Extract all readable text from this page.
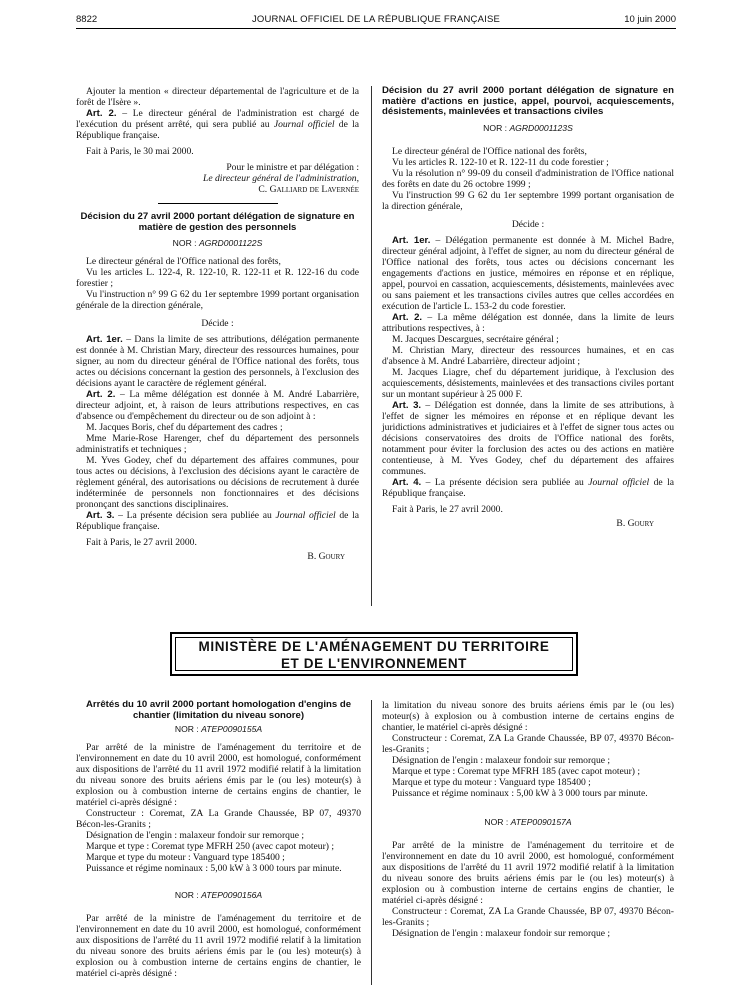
8822	JOURNAL OFFICIEL DE LA RÉPUBLIQUE FRANÇAISE	10 juin 2000

Ajouter la mention « directeur départemental de l'agriculture et de la forêt de l'Isère ».

Art. 2. – Le directeur général de l'administration est chargé de l'exécution du présent arrêté, qui sera publié au Journal officiel de la République française.

Fait à Paris, le 30 mai 2000.

Pour le ministre et par délégation :

Le directeur général de l'administration,

C. Galliard de Lavernée

Décision du 27 avril 2000 portant délégation de signature en matière de gestion des personnels

NOR : AGRD0001122S

Le directeur général de l'Office national des forêts,

Vu les articles L. 122-4, R. 122-10, R. 122-11 et R. 122-16 du code forestier ;

Vu l'instruction n° 99 G 62 du 1er septembre 1999 portant organisation générale de la direction générale,

Décide :

Art. 1er. – Dans la limite de ses attributions, délégation permanente est donnée à M. Christian Mary, directeur des ressources humaines, pour signer, au nom du directeur général de l'Office national des forêts, tous actes ou décisions concernant la gestion des personnels, à l'exclusion des décisions ayant le caractère de réglement général.

Art. 2. – La même délégation est donnée à M. André Labarrière, directeur adjoint, et, à raison de leurs attributions respectives, en cas d'absence ou d'empêchement du directeur ou de son adjoint à :

M. Jacques Boris, chef du département des cadres ;

Mme Marie-Rose Harenger, chef du département des personnels administratifs et techniques ;

M. Yves Godey, chef du département des affaires communes, pour tous actes ou décisions, à l'exclusion des décisions ayant le caractère de règlement général, des autorisations ou décisions de recrutement à durée indéterminée de personnels non fonctionnaires et des décisions prononçant des sanctions disciplinaires.

Art. 3. – La présente décision sera publiée au Journal officiel de la République française.

Fait à Paris, le 27 avril 2000.

B. Goury

Décision du 27 avril 2000 portant délégation de signature en matière d'actions en justice, appel, pourvoi, acquiescements, désistements, mainlevées et transactions civiles

NOR : AGRD0001123S

Le directeur général de l'Office national des forêts,

Vu les articles R. 122-10 et R. 122-11 du code forestier ;

Vu la résolution n° 99-09 du conseil d'administration de l'Office national des forêts en date du 26 octobre 1999 ;

Vu l'instruction 99 G 62 du 1er septembre 1999 portant organisation de la direction générale,

Décide :

Art. 1er. – Délégation permanente est donnée à M. Michel Badre, directeur général adjoint, à l'effet de signer, au nom du directeur général de l'Office national des forêts, tous actes ou décisions concernant les engagements d'actions en justice, mémoires en réponse et en réplique, appel, pourvoi en cassation, acquiescements, désistements, mainlevées avec ou sans paiement et les transactions civiles autres que celles accordées en exécution de l'article L. 153-2 du code forestier.

Art. 2. – La même délégation est donnée, dans la limite de leurs attributions respectives, à :

M. Jacques Descargues, secrétaire général ;

M. Christian Mary, directeur des ressources humaines, et en cas d'absence à M. André Labarrière, directeur adjoint ;

M. Jacques Liagre, chef du département juridique, à l'exclusion des acquiescements, désistements, mainlevées et des transactions civiles portant sur un montant supérieur à 25 000 F.

Art. 3. – Délégation est donnée, dans la limite de ses attributions, à l'effet de signer les mémoires en réponse et en réplique devant les juridictions administratives et judiciaires et à l'effet de signer tous actes ou décisions conservatoires des droits de l'Office national des forêts, notamment pour éviter la forclusion des actes ou des actions en matière contentieuse, à M. Yves Godey, chef du département des affaires communes.

Art. 4. – La présente décision sera publiée au Journal officiel de la République française.

Fait à Paris, le 27 avril 2000.

B. Goury

MINISTÈRE DE L'AMÉNAGEMENT DU TERRITOIRE
ET DE L'ENVIRONNEMENT

Arrêtés du 10 avril 2000 portant homologation d'engins de chantier (limitation du niveau sonore)

NOR : ATEP0090155A

Par arrêté de la ministre de l'aménagement du territoire et de l'environnement en date du 10 avril 2000, est homologué, conformément aux dispositions de l'arrêté du 11 avril 1972 modifié relatif à la limitation du niveau sonore des bruits aériens émis par le (ou les) moteur(s) à explosion ou à combustion interne de certains engins de chantier, le matériel ci-après désigné :

Constructeur : Coremat, ZA La Grande Chaussée, BP 07, 49370 Bécon-les-Granits ;

Désignation de l'engin : malaxeur fondoir sur remorque ;

Marque et type : Coremat type MFRH 250 (avec capot moteur) ;

Marque et type du moteur : Vanguard type 185400 ;

Puissance et régime nominaux : 5,00 kW à 3 000 tours par minute.

NOR : ATEP0090156A

Par arrêté de la ministre de l'aménagement du territoire et de l'environnement en date du 10 avril 2000, est homologué, conformément aux dispositions de l'arrêté du 11 avril 1972 modifié relatif à la limitation du niveau sonore des bruits aériens émis par le (ou les) moteur(s) à explosion ou à combustion interne de certains engins de chantier, le matériel ci-après désigné :

la limitation du niveau sonore des bruits aériens émis par le (ou les) moteur(s) à explosion ou à combustion interne de certains engins de chantier, le matériel ci-après désigné :

Constructeur : Coremat, ZA La Grande Chaussée, BP 07, 49370 Bécon-les-Granits ;

Désignation de l'engin : malaxeur fondoir sur remorque ;

Marque et type : Coremat type MFRH 185 (avec capot moteur) ;

Marque et type du moteur : Vanguard type 185400 ;

Puissance et régime nominaux : 5,00 kW à 3 000 tours par minute.

NOR : ATEP0090157A

Par arrêté de la ministre de l'aménagement du territoire et de l'environnement en date du 10 avril 2000, est homologué, conformément aux dispositions de l'arrêté du 11 avril 1972 modifié relatif à la limitation du niveau sonore des bruits aériens émis par le (ou les) moteur(s) à explosion ou à combustion interne de certains engins de chantier, le matériel ci-après désigné :

Constructeur : Coremat, ZA La Grande Chaussée, BP 07, 49370 Bécon-les-Granits ;

Désignation de l'engin : malaxeur fondoir sur remorque ;
